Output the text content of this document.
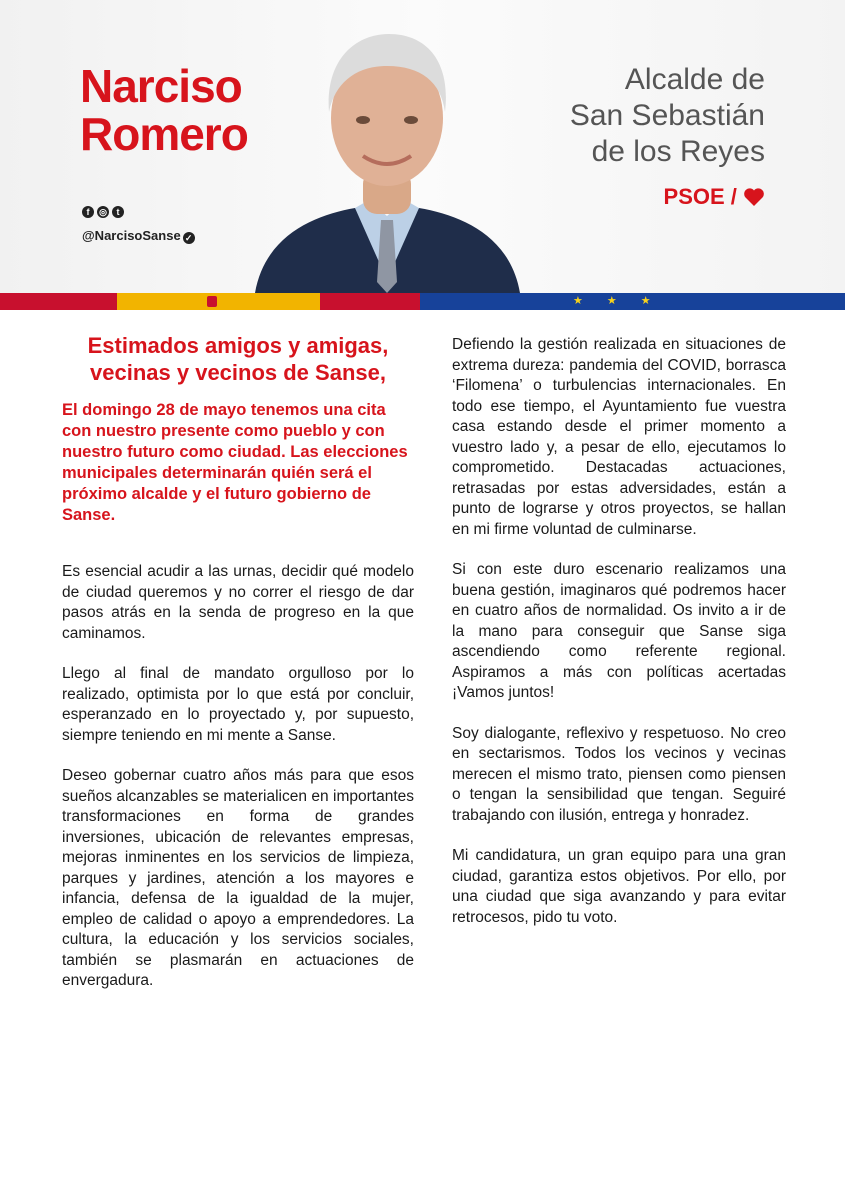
Narciso
Romero
f	◎	t
@NarcisoSanse ✓
Alcalde de
San Sebastián
de los Reyes
PSOE /
★★★
Estimados amigos y amigas, vecinas y vecinos de Sanse,
El domingo 28 de mayo tenemos una cita con nuestro presente como pueblo y con nuestro futuro como ciudad. Las elecciones municipales determinarán quién será el próximo alcalde y el futuro gobierno de Sanse.
Es esencial acudir a las urnas, decidir qué modelo de ciudad queremos y no correr el riesgo de dar pasos atrás en la senda de progreso en la que caminamos.
Llego al final de mandato orgulloso por lo realizado, optimista por lo que está por concluir, esperanzado en lo proyectado y, por supuesto, siempre teniendo en mi mente a Sanse.
Deseo gobernar cuatro años más para que esos sueños alcanzables se materialicen en importantes transformaciones en forma de grandes inversiones, ubicación de relevantes empresas, mejoras inminentes en los servicios de limpieza, parques y jardines, atención a los mayores e infancia, defensa de la igualdad de la mujer, empleo de calidad o apoyo a emprendedores. La cultura, la educación y los servicios sociales, también se plasmarán en actuaciones de envergadura.
Defiendo la gestión realizada en situaciones de extrema dureza: pandemia del COVID, borrasca ‘Filomena’ o turbulencias internacionales. En todo ese tiempo, el Ayuntamiento fue vuestra casa estando desde el primer momento a vuestro lado y, a pesar de ello, ejecutamos lo comprometido. Destacadas actuaciones, retrasadas por estas adversidades, están a punto de lograrse y otros proyectos, se hallan en mi firme voluntad de culminarse.
Si con este duro escenario realizamos una buena gestión, imaginaros qué podremos hacer en cuatro años de normalidad. Os invito a ir de la mano para conseguir que Sanse siga ascendiendo como referente regional. Aspiramos a más con políticas acertadas ¡Vamos juntos!
Soy dialogante, reflexivo y respetuoso. No creo en sectarismos. Todos los vecinos y vecinas merecen el mismo trato, piensen como piensen o tengan la sensibilidad que tengan. Seguiré trabajando con ilusión, entrega y honradez.
Mi candidatura, un gran equipo para una gran ciudad, garantiza estos objetivos. Por ello, por una ciudad que siga avanzando y para evitar retrocesos, pido tu voto.
